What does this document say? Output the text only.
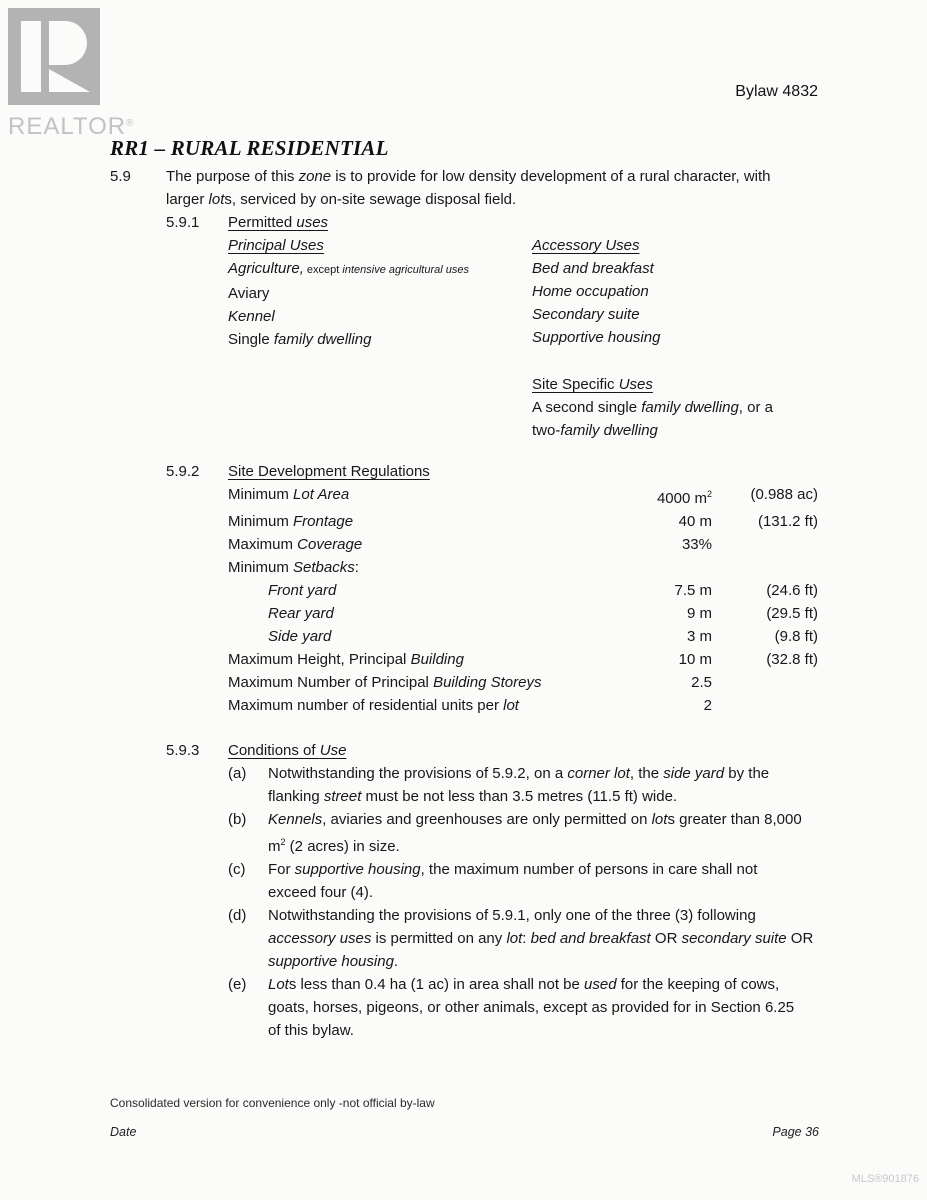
REALTOR®
Bylaw 4832
RR1 – RURAL RESIDENTIAL
5.9	The purpose of this zone is to provide for low density development of a rural character, with
larger lots, serviced by on-site sewage disposal field.
5.9.1	Permitted uses
Principal Uses
Agriculture, except intensive agricultural uses
Aviary
Kennel
Single family dwelling
Accessory Uses
Bed and breakfast
Home occupation
Secondary suite
Supportive housing
Site Specific Uses
A second single family dwelling, or a
two-family dwelling
5.9.2	Site Development Regulations
Minimum Lot Area	4000 $m^2$	(0.988 ac)
Minimum Frontage	40 m	(131.2 ft)
Maximum Coverage	33%
Minimum Setbacks:
Front yard	7.5 m	(24.6 ft)
Rear yard	9 m	(29.5 ft)
Side yard	3 m	(9.8 ft)
Maximum Height, Principal Building	10 m	(32.8 ft)
Maximum Number of Principal Building Storeys	2.5
Maximum number of residential units per lot	2
5.9.3	Conditions of Use
(a)	Notwithstanding the provisions of 5.9.2, on a corner lot, the side yard by the
flanking street must be not less than 3.5 metres (11.5 ft) wide.
(b)	Kennels, aviaries and greenhouses are only permitted on lots greater than 8,000
$m^2$ (2 acres) in size.
(c)	For supportive housing, the maximum number of persons in care shall not
exceed four (4).
(d)	Notwithstanding the provisions of 5.9.1, only one of the three (3) following
accessory uses is permitted on any lot: bed and breakfast OR secondary suite OR
supportive housing.
(e)	Lots less than 0.4 ha (1 ac) in area shall not be used for the keeping of cows,
goats, horses, pigeons, or other animals, except as provided for in Section 6.25
of this bylaw.
Consolidated version for convenience only -not official by-law
Date	Page 36
MLS®901876
